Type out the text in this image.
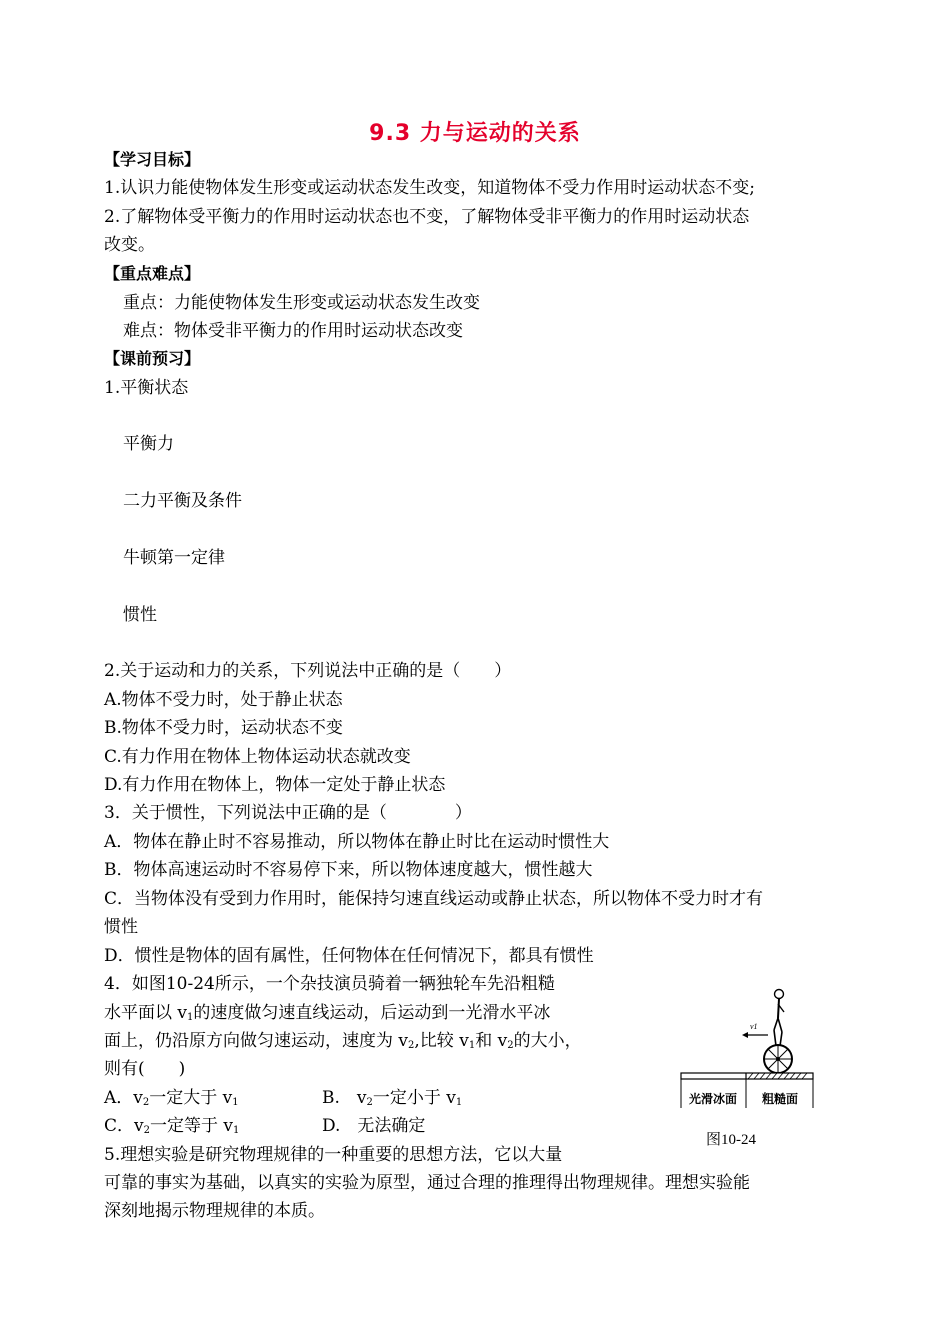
9.3 力与运动的关系
【学习目标】
1.认识力能使物体发生形变或运动状态发生改变，知道物体不受力作用时运动状态不变;
2.了解物体受平衡力的作用时运动状态也不变，了解物体受非平衡力的作用时运动状态
改变。
【重点难点】
重点：力能使物体发生形变或运动状态发生改变
难点：物体受非平衡力的作用时运动状态改变
【课前预习】
1.平衡状态
平衡力
二力平衡及条件
牛顿第一定律
惯性
2.关于运动和力的关系，下列说法中正确的是（　　）
A.物体不受力时，处于静止状态
B.物体不受力时，运动状态不变
C.有力作用在物体上物体运动状态就改变
D.有力作用在物体上，物体一定处于静止状态
3．关于惯性，下列说法中正确的是（　　　　）
A．物体在静止时不容易推动，所以物体在静止时比在运动时惯性大
B．物体高速运动时不容易停下来，所以物体速度越大，惯性越大
C．当物体没有受到力作用时，能保持匀速直线运动或静止状态，所以物体不受力时才有
惯性
D．惯性是物体的固有属性，任何物体在任何情况下，都具有惯性
4．如图10-24所示，一个杂技演员骑着一辆独轮车先沿粗糙
水平面以 $v_1$的速度做匀速直线运动，后运动到一光滑水平冰
面上，仍沿原方向做匀速运动，速度为 $v_2$,比较 $v_1$和 $v_2$的大小，
则有(　　)
A．$v_2$一定大于 $v_1$	B.　$v_2$一定小于 $v_1$
C．$v_2$一定等于 $v_1$	D.　无法确定
5.理想实验是研究物理规律的一种重要的思想方法，它以大量
可靠的事实为基础，以真实的实验为原型，通过合理的推理得出物理规律。理想实验能
深刻地揭示物理规律的本质。
v1
光滑冰面 粗糙面
图10-24
